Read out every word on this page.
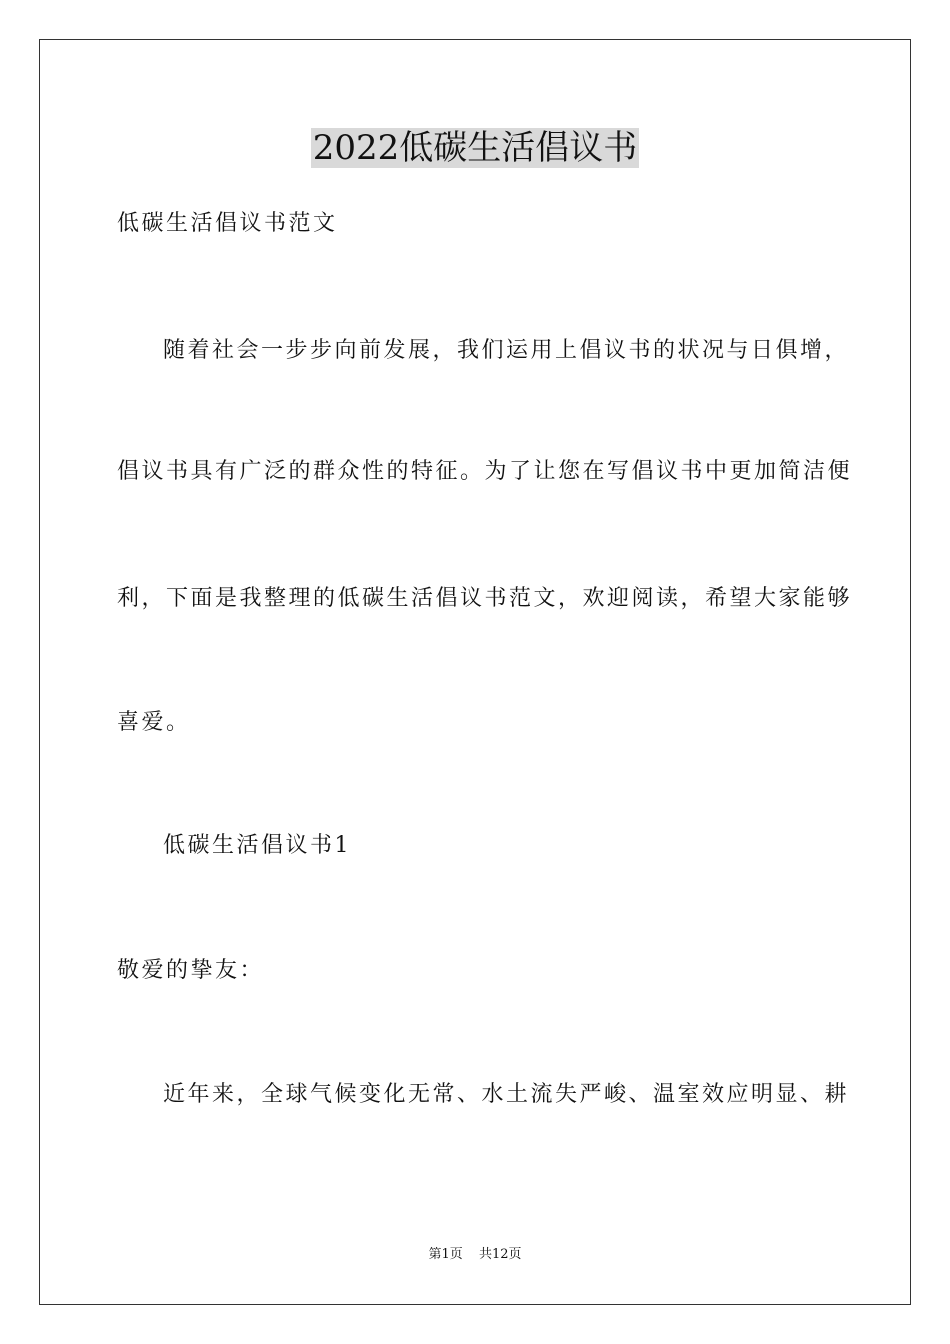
2022低碳生活倡议书

低碳生活倡议书范文

随着社会一步步向前发展，我们运用上倡议书的状况与日俱增，

倡议书具有广泛的群众性的特征。为了让您在写倡议书中更加简洁便

利，下面是我整理的低碳生活倡议书范文，欢迎阅读，希望大家能够

喜爱。

低碳生活倡议书1

敬爱的挚友：

近年来，全球气候变化无常、水土流失严峻、温室效应明显、耕

第1页 共12页
